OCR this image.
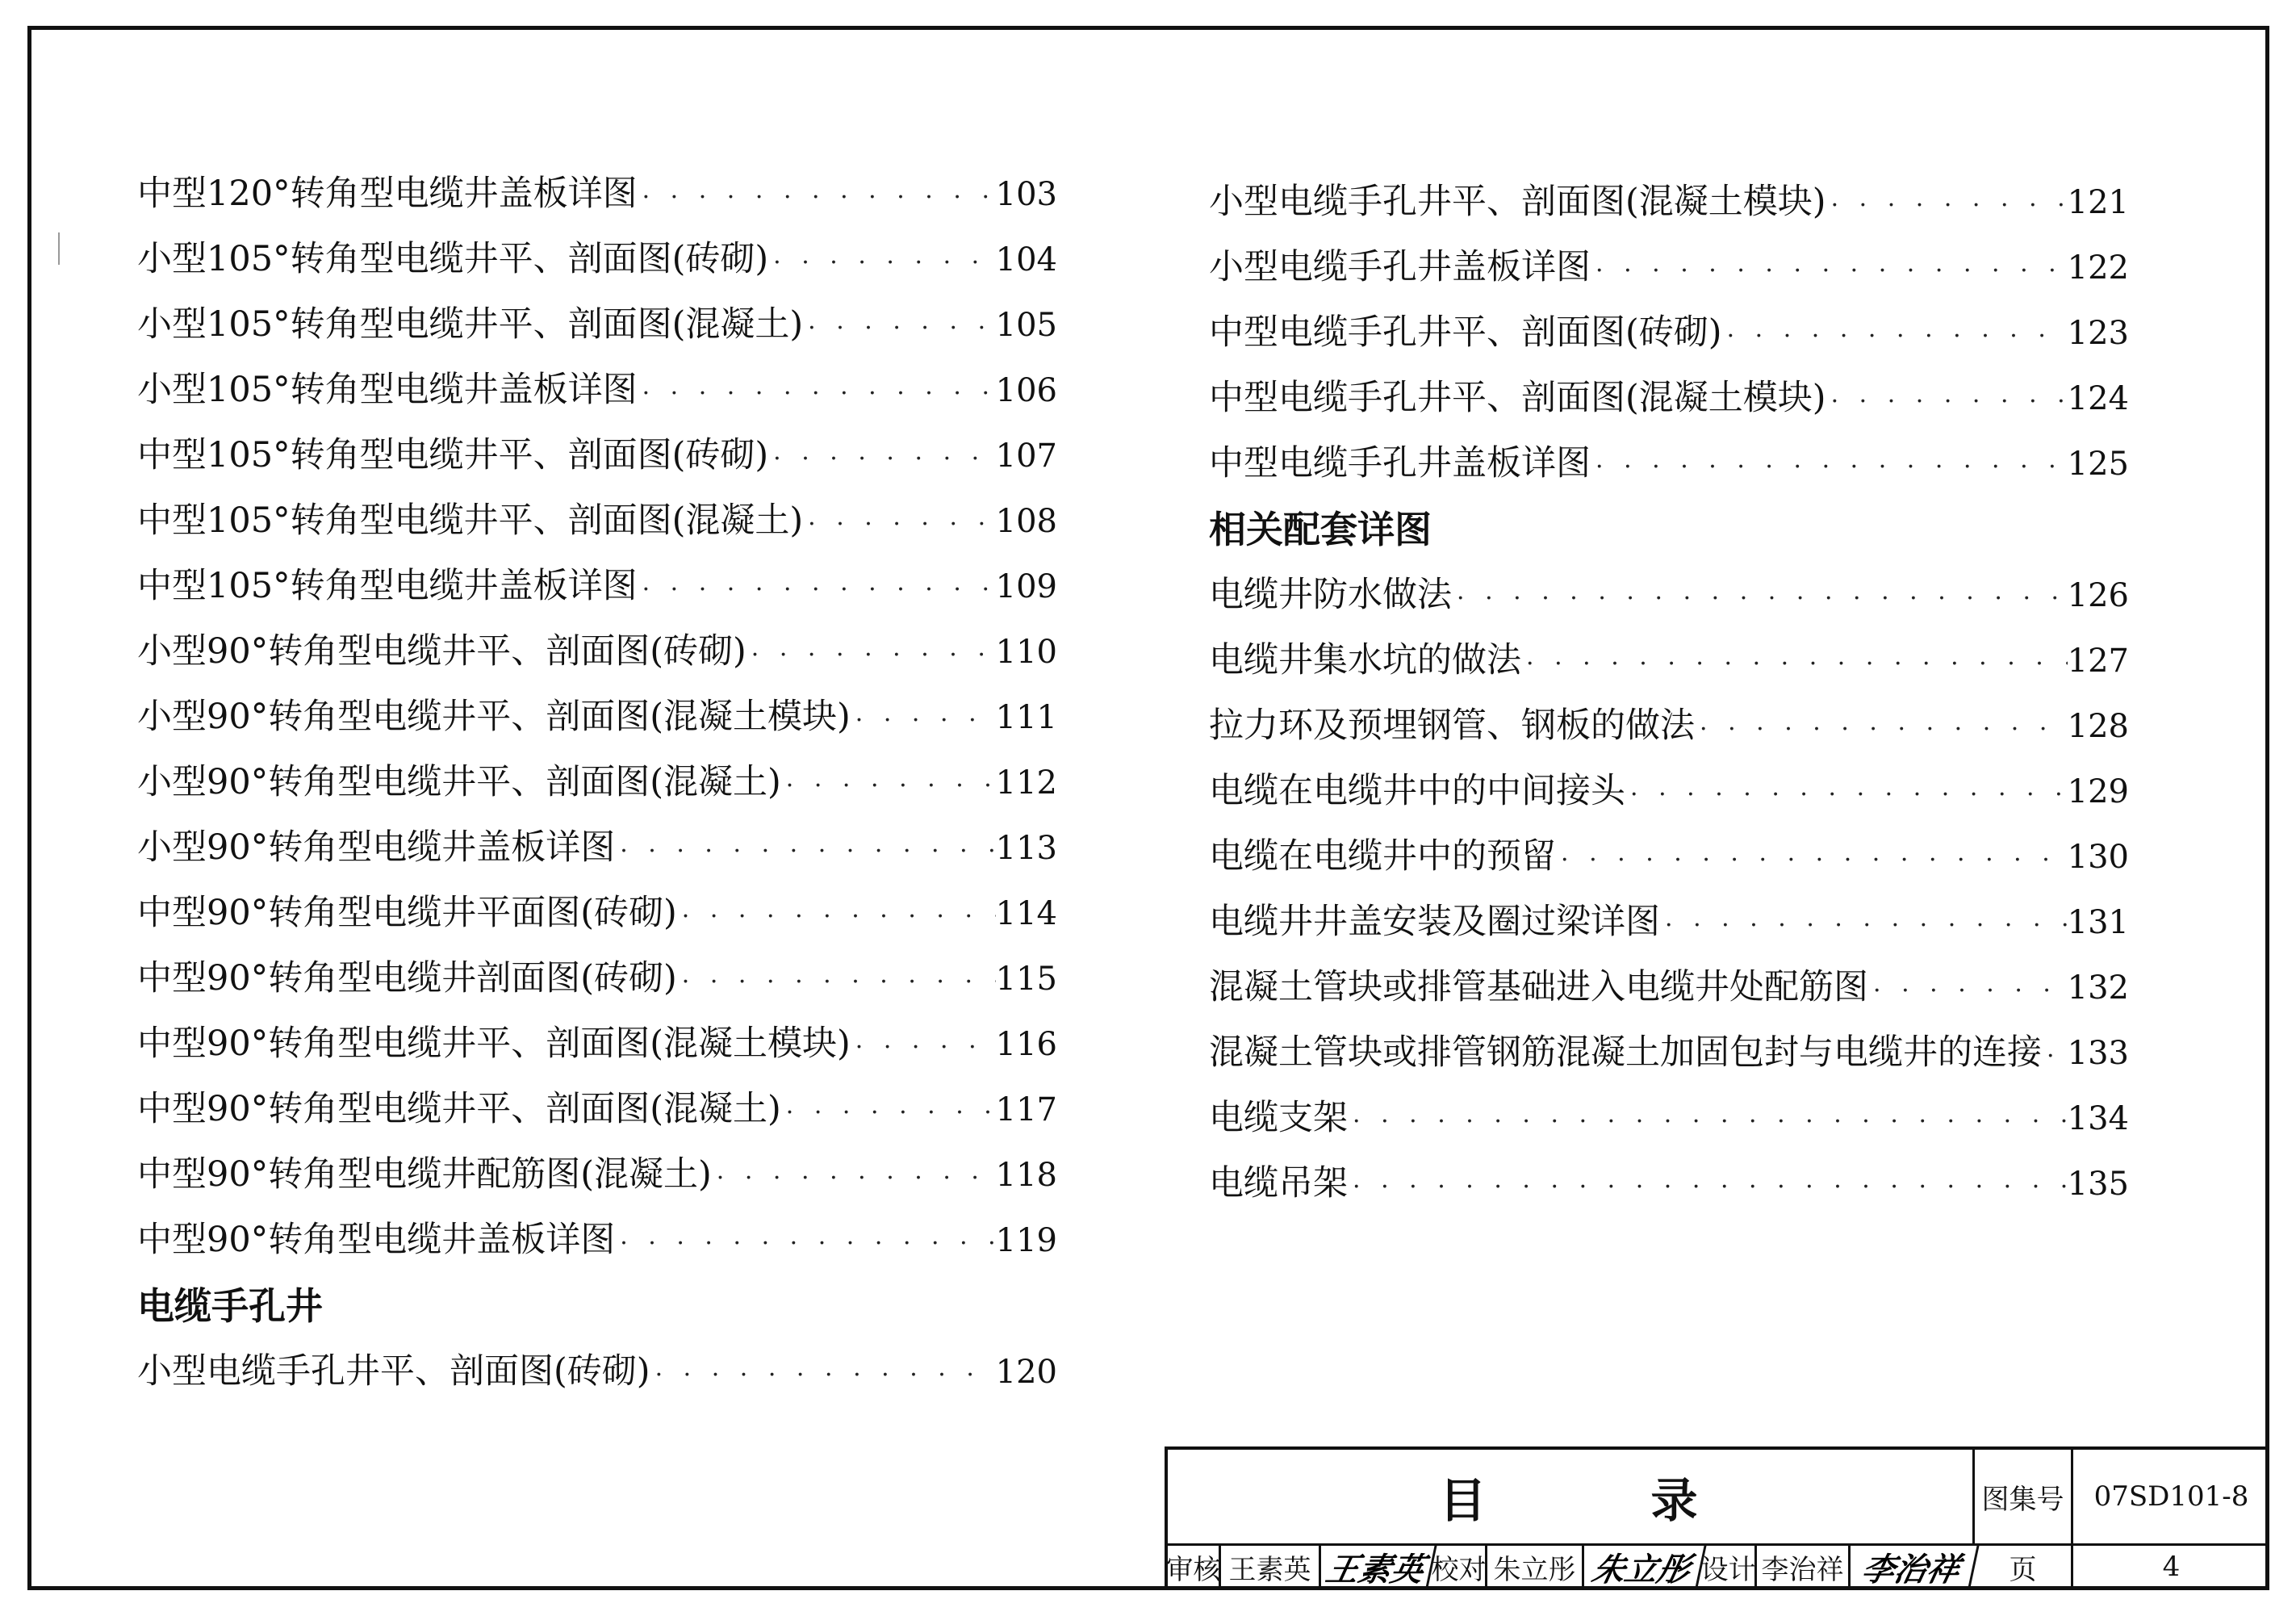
中型120°转角型电缆井盖板详图 · · ·	103
小型105°转角型电缆井平、剖面图(砖砌) · · ·	104
小型105°转角型电缆井平、剖面图(混凝土) · · ·	105
小型105°转角型电缆井盖板详图 · · ·	106
中型105°转角型电缆井平、剖面图(砖砌) · · ·	107
中型105°转角型电缆井平、剖面图(混凝土) · · ·	108
中型105°转角型电缆井盖板详图 · · ·	109
小型90°转角型电缆井平、剖面图(砖砌) · · ·	110
小型90°转角型电缆井平、剖面图(混凝土模块) · · ·	111
小型90°转角型电缆井平、剖面图(混凝土) · · ·	112
小型90°转角型电缆井盖板详图 · · ·	113
中型90°转角型电缆井平面图(砖砌) · · ·	114
中型90°转角型电缆井剖面图(砖砌) · · ·	115
中型90°转角型电缆井平、剖面图(混凝土模块) · · ·	116
中型90°转角型电缆井平、剖面图(混凝土) · · ·	117
中型90°转角型电缆井配筋图(混凝土) · · ·	118
中型90°转角型电缆井盖板详图 · · ·	119
电缆手孔井
小型电缆手孔井平、剖面图(砖砌) · · ·	120
小型电缆手孔井平、剖面图(混凝土模块) · · ·	121
小型电缆手孔井盖板详图 · · ·	122
中型电缆手孔井平、剖面图(砖砌) · · ·	123
中型电缆手孔井平、剖面图(混凝土模块) · · ·	124
中型电缆手孔井盖板详图 · · ·	125
相关配套详图
电缆井防水做法 · · ·	126
电缆井集水坑的做法 · · ·	127
拉力环及预埋钢管、钢板的做法 · · ·	128
电缆在电缆井中的中间接头 · · ·	129
电缆在电缆井中的预留 · · ·	130
电缆井井盖安装及圈过梁详图 · · ·	131
混凝土管块或排管基础进入电缆井处配筋图 · · ·	132
混凝土管块或排管钢筋混凝土加固包封与电缆井的连接 · · · 133
电缆支架 · · ·	134
电缆吊架 · · ·	135
目	录	图集号	07SD101-8
审核 王素英 王素英 校对 朱立彤 朱立彤 设计 李治祥 李治祥	页	4
